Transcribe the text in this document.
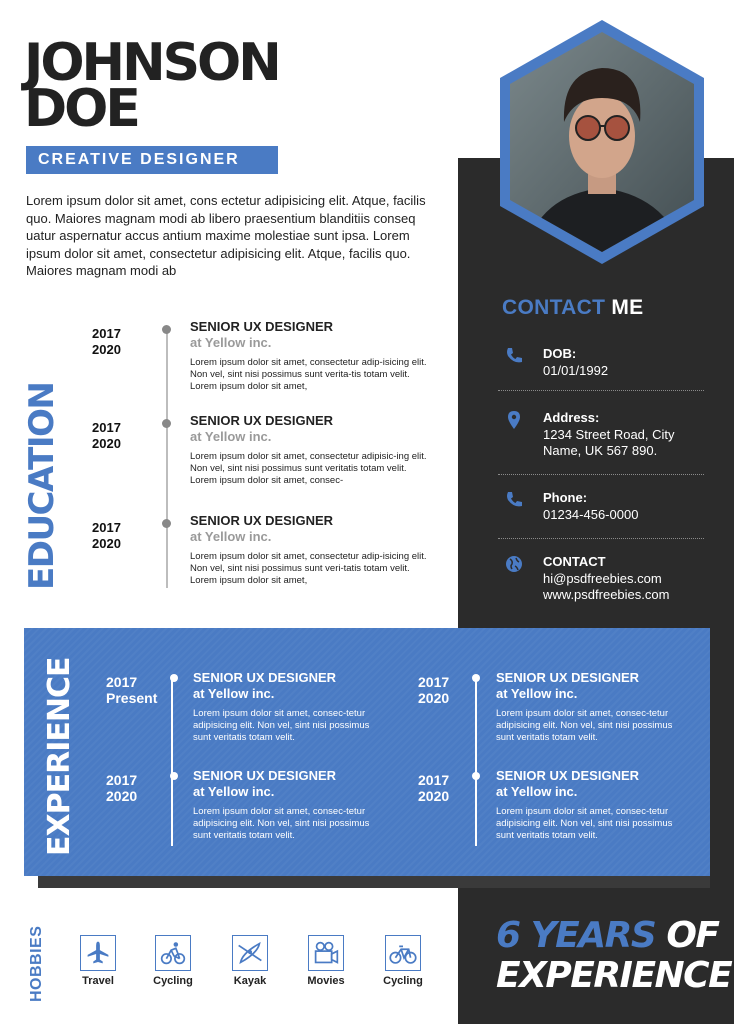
JOHNSON
DOE
CREATIVE DESIGNER

Lorem ipsum dolor sit amet, cons ectetur adipisicing elit. Atque, facilis quo. Maiores magnam modi ab libero praesentium blanditiis conseq uatur aspernatur accus antium maxime molestiae sunt ipsa. Lorem ipsum dolor sit amet, consectetur adipisicing elit. Atque, facilis quo. Maiores magnam modi ab

CONTACT ME
DOB:
01/01/1992
Address:
1234 Street Road, City Name, UK 567 890.
Phone:
01234-456-0000
CONTACT
hi@psdfreebies.com
www.psdfreebies.com
EDUCATION
2017
2020
SENIOR UX DESIGNER
at Yellow inc.

Lorem ipsum dolor sit amet, consectetur adip-isicing elit. Non vel, sint nisi possimus sunt verita-tis totam velit. Lorem ipsum dolor sit amet,

2017
2020
SENIOR UX DESIGNER
at Yellow inc.

Lorem ipsum dolor sit amet, consectetur adipisic-ing elit. Non vel, sint nisi possimus sunt veritatis totam velit. Lorem ipsum dolor sit amet, consec-

2017
2020
SENIOR UX DESIGNER
at Yellow inc.

Lorem ipsum dolor sit amet, consectetur adip-isicing elit. Non vel, sint nisi possimus sunt veri-tatis totam velit. Lorem ipsum dolor sit amet,

EXPERIENCE 2017
Present
SENIOR UX DESIGNER
at Yellow inc.

Lorem ipsum dolor sit amet, consec-tetur adipisicing elit. Non vel, sint nisi possimus sunt veritatis totam velit.

2017
2020
SENIOR UX DESIGNER
at Yellow inc.

Lorem ipsum dolor sit amet, consec-tetur adipisicing elit. Non vel, sint nisi possimus sunt veritatis totam velit.

2017
2020
SENIOR UX DESIGNER
at Yellow inc.

Lorem ipsum dolor sit amet, consec-tetur adipisicing elit. Non vel, sint nisi possimus sunt veritatis totam velit.

2017
2020
SENIOR UX DESIGNER
at Yellow inc.

Lorem ipsum dolor sit amet, consec-tetur adipisicing elit. Non vel, sint nisi possimus sunt veritatis totam velit.

HOBBIES	Travel	Cycling	Kayak	Movies	Cycling
6 YEARS OF
EXPERIENCE
